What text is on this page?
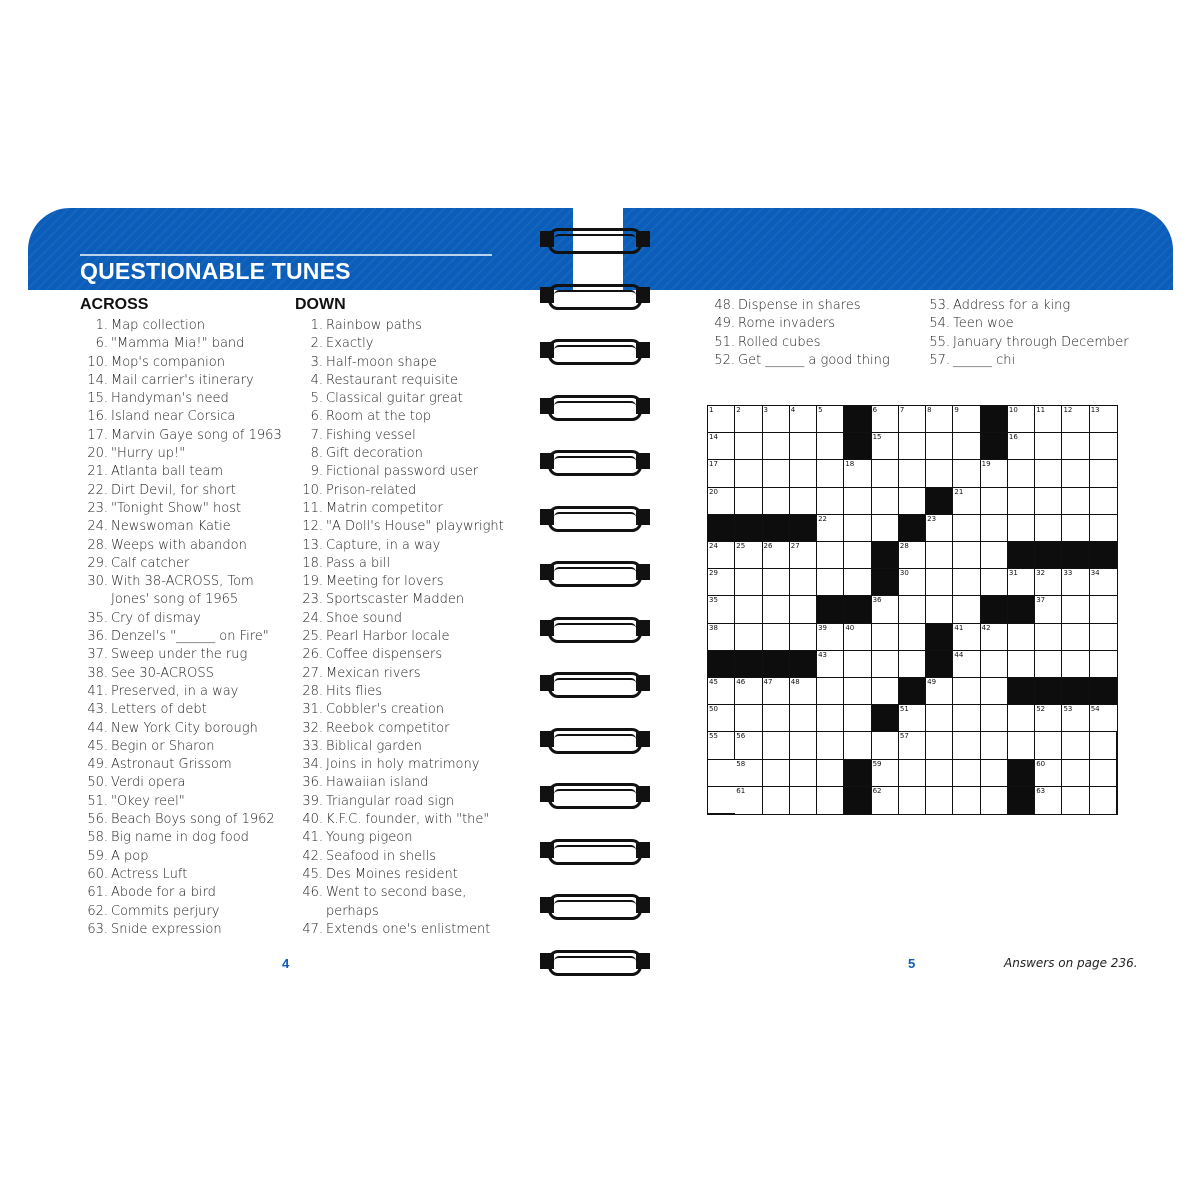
QUESTIONABLE TUNES
ACROSS	DOWN
1. Map collection
6. "Mamma Mia!" band
10. Mop's companion
14. Mail carrier's itinerary
15. Handyman's need
16. Island near Corsica
17. Marvin Gaye song of 1963
20. "Hurry up!"
21. Atlanta ball team
22. Dirt Devil, for short
23. "Tonight Show" host
24. Newswoman Katie
28. Weeps with abandon
29. Calf catcher
30. With 38-ACROSS, Tom
Jones' song of 1965
35. Cry of dismay
36. Denzel's "______ on Fire"
37. Sweep under the rug
38. See 30-ACROSS
41. Preserved, in a way
43. Letters of debt
44. New York City borough
45. Begin or Sharon
49. Astronaut Grissom
50. Verdi opera
51. "Okey reel"
56. Beach Boys song of 1962
58. Big name in dog food
59. A pop
60. Actress Luft
61. Abode for a bird
62. Commits perjury
63. Snide expression
1. Rainbow paths
2. Exactly
3. Half-moon shape
4. Restaurant requisite
5. Classical guitar great
6. Room at the top
7. Fishing vessel
8. Gift decoration
9. Fictional password user
10. Prison-related
11. Matrin competitor
12. "A Doll's House" playwright
13. Capture, in a way
18. Pass a bill
19. Meeting for lovers
23. Sportscaster Madden
24. Shoe sound
25. Pearl Harbor locale
26. Coffee dispensers
27. Mexican rivers
28. Hits flies
31. Cobbler's creation
32. Reebok competitor
33. Biblical garden
34. Joins in holy matrimony
36. Hawaiian island
39. Triangular road sign
40. K.F.C. founder, with "the"
41. Young pigeon
42. Seafood in shells
45. Des Moines resident
46. Went to second base,
perhaps
47. Extends one's enlistment
48. Dispense in shares
49. Rome invaders
51. Rolled cubes
52. Get ______ a good thing
53. Address for a king
54. Teen woe
55. January through December
57. ______ chi
1	2	3	4	5	6	7	8	9	10	11	12	13
14	15	16
17	18	19
20	21
22	23
24	25	26	27	28
29	30	31	32	33	34
35	36	37
38	39	40	41	42
43	44
45	46	47	48	49
50	51	52	53	54
55	56	57
58	59	60
61	62	63

4	5	Answers on page 236.
